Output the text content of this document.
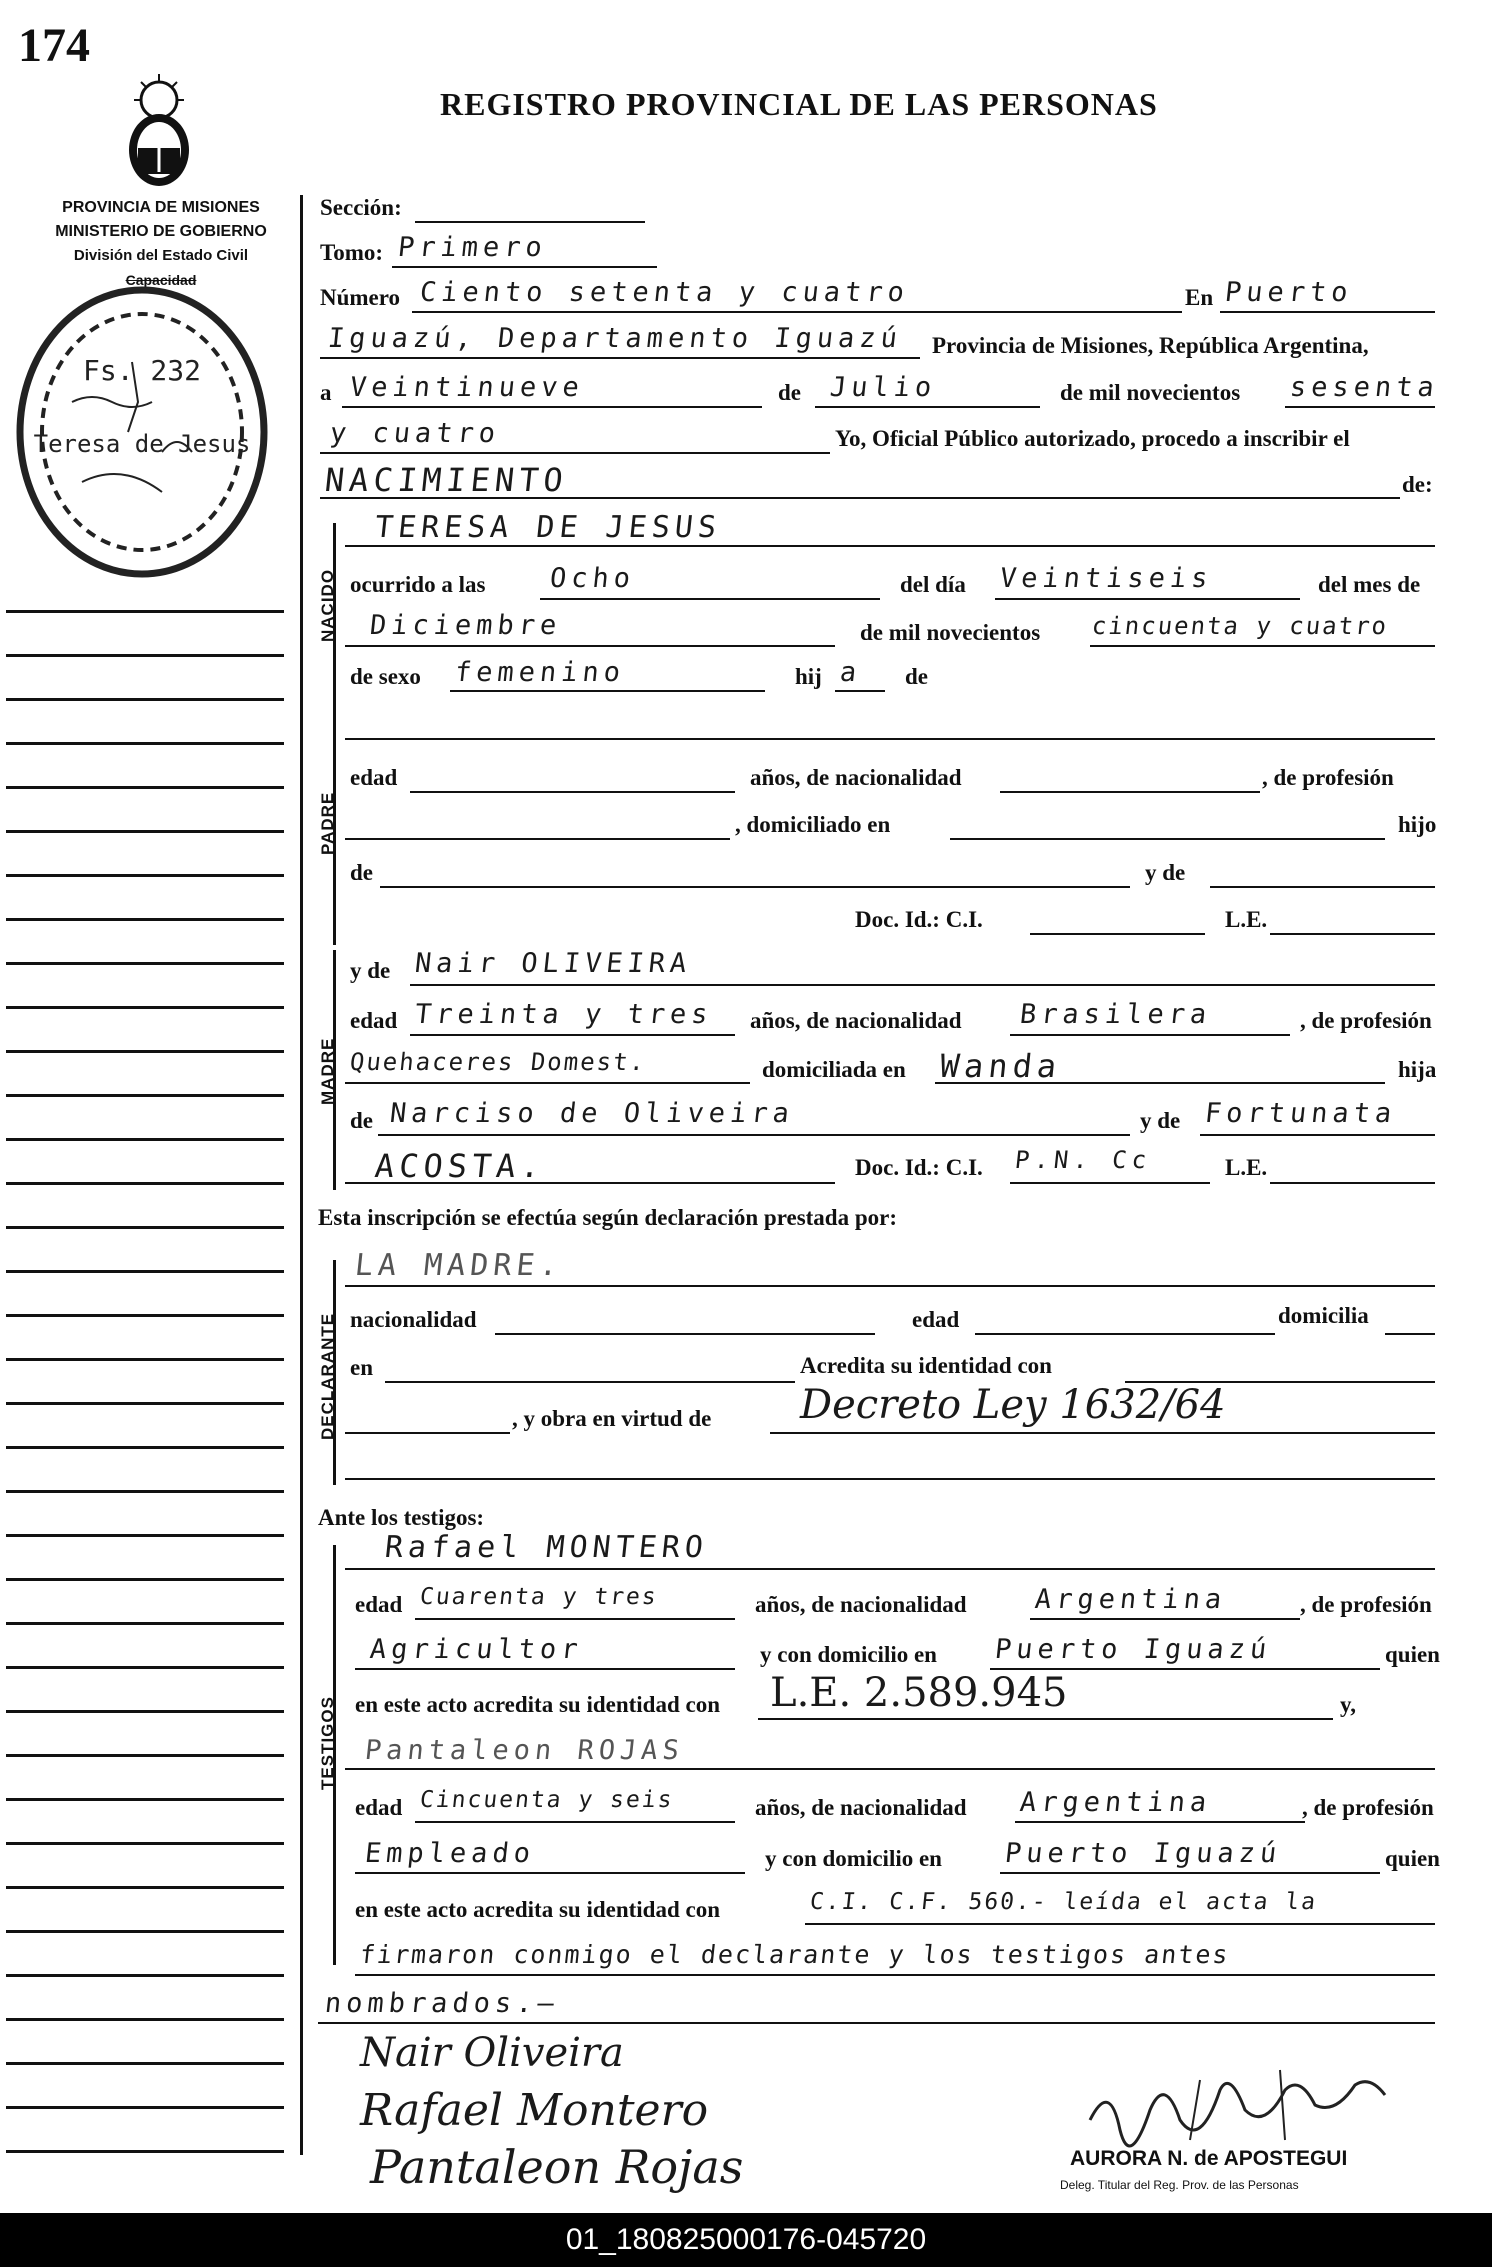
174
REGISTRO PROVINCIAL DE LAS PERSONAS
PROVINCIA DE MISIONES
MINISTERIO DE GOBIERNO
División del Estado Civil
Capacidad
Fs. 232
Teresa de Jesus
NACIDO
PADRE
MADRE
DECLARANTE
TESTIGOS
Sección:
Tomo: Primero
Número Ciento setenta y cuatro	En Puerto
Iguazú, Departamento Iguazú Provincia de Misiones, República Argentina,
a Veintinueve	de Julio	de mil novecientos sesenta
y cuatro	Yo, Oficial Público autorizado, procedo a inscribir el
NACIMIENTO	de:
TERESA DE JESUS
ocurrido a las Ocho	del día Veintiseis	del mes de
Diciembre	de mil novecientos cincuenta y cuatro
de sexo femenino	hij a de
edad	años, de nacionalidad	, de profesión
, domiciliado en	hijo
de	y de
Doc. Id.: C.I.	L.E.
y de Nair OLIVEIRA
edad Treinta y tres años, de nacionalidad Brasilera	, de profesión
Quehaceres Domest.	domiciliada en Wanda	hija
de Narciso de Oliveira	y de Fortunata
ACOSTA.	Doc. Id.: C.I. P.N. Cc	L.E.
Esta inscripción se efectúa según declaración prestada por:
LA MADRE.
nacionalidad	edad	domicilia
en	Acredita su identidad con
, y obra en virtud de Decreto Ley 1632/64
Ante los testigos:
Rafael MONTERO
edad Cuarenta y tres	años, de nacionalidad Argentina	, de profesión
Agricultor	y con domicilio en Puerto Iguazú	quien
en este acto acredita su identidad con L.E. 2.589.945	y,
Pantaleon ROJAS
edad Cincuenta y seis	años, de nacionalidad Argentina	, de profesión
Empleado	y con domicilio en Puerto Iguazú	quien
en este acto acredita su identidad con	C.I. C.F. 560.- leída el acta la
firmaron conmigo el declarante y los testigos antes
nombrados.—
Nair Oliveira
Rafael Montero
Pantaleon Rojas	AURORA N. de APOSTEGUI
Deleg. Titular del Reg. Prov. de las Personas
01_180825000176-045720
